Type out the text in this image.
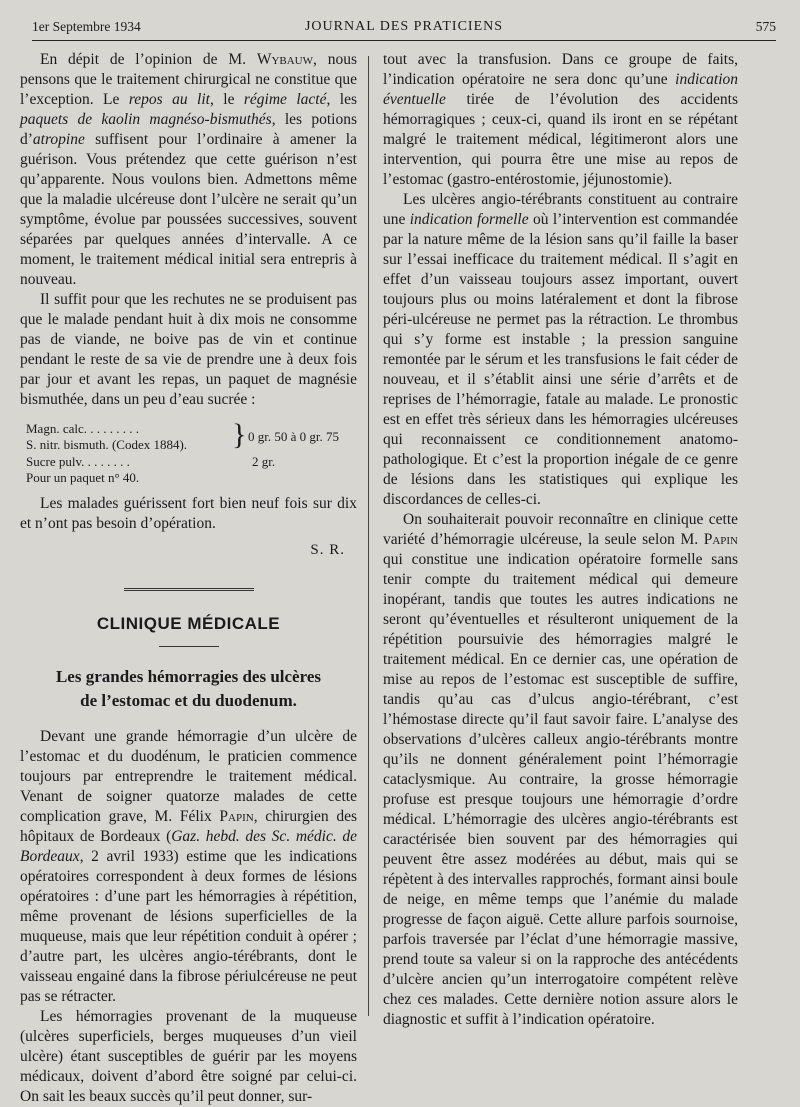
1er Septembre 1934	JOURNAL DES PRATICIENS	575

En dépit de l’opinion de M. Wybauw, nous pensons que le traitement chirurgical ne constitue que l’exception. Le repos au lit, le régime lacté, les paquets de kaolin magnéso-bismuthés, les potions d’atropine suffisent pour l’ordinaire à amener la guérison. Vous prétendez que cette guérison n’est qu’apparente. Nous voulons bien. Admettons même que la maladie ulcéreuse dont l’ulcère ne serait qu’un symptôme, évolue par poussées successives, souvent séparées par quelques années d’intervalle. A ce moment, le traitement médical initial sera entrepris à nouveau.

Il suffit pour que les rechutes ne se produisent pas que le malade pendant huit à dix mois ne consomme pas de viande, ne boive pas de vin et continue pendant le reste de sa vie de prendre une à deux fois par jour et avant les repas, un paquet de magnésie bismuthée, dans un peu d’eau sucrée :

Magn. calc. . . . . . . . .
S. nitr. bismuth. (Codex 1884). } 0 gr. 50 à 0 gr. 75
Sucre pulv. . . . . . . .	2 gr.
Pour un paquet n° 40.

Les malades guérissent fort bien neuf fois sur dix et n’ont pas besoin d’opération.

S. R.
CLINIQUE MÉDICALE
Les grandes hémorragies des ulcères
de l’estomac et du duodenum.

Devant une grande hémorragie d’un ulcère de l’estomac et du duodénum, le praticien commence toujours par entreprendre le traitement médical. Venant de soigner quatorze malades de cette complication grave, M. Félix Papin, chirurgien des hôpitaux de Bordeaux (Gaz. hebd. des Sc. médic. de Bordeaux, 2 avril 1933) estime que les indications opératoires correspondent à deux formes de lésions opératoires : d’une part les hémorragies à répétition, même provenant de lésions superficielles de la muqueuse, mais que leur répétition conduit à opérer ; d’autre part, les ulcères angio-térébrants, dont le vaisseau engainé dans la fibrose périulcéreuse ne peut pas se rétracter.

Les hémorragies provenant de la muqueuse (ulcères superficiels, berges muqueuses d’un vieil ulcère) étant susceptibles de guérir par les moyens médicaux, doivent d’abord être soigné par celui-ci. On sait les beaux succès qu’il peut donner, sur-

tout avec la transfusion. Dans ce groupe de faits, l’indication opératoire ne sera donc qu’une indication éventuelle tirée de l’évolution des accidents hémorragiques ; ceux-ci, quand ils iront en se répétant malgré le traitement médical, légitimeront alors une intervention, qui pourra être une mise au repos de l’estomac (gastro-entérostomie, jéjunostomie).

Les ulcères angio-térébrants constituent au contraire une indication formelle où l’intervention est commandée par la nature même de la lésion sans qu’il faille la baser sur l’essai inefficace du traitement médical. Il s’agit en effet d’un vaisseau toujours assez important, ouvert toujours plus ou moins latéralement et dont la fibrose péri-ulcéreuse ne permet pas la rétraction. Le thrombus qui s’y forme est instable ; la pression sanguine remontée par le sérum et les transfusions le fait céder de nouveau, et il s’établit ainsi une série d’arrêts et de reprises de l’hémorragie, fatale au malade. Le pronostic est en effet très sérieux dans les hémorragies ulcéreuses qui reconnaissent ce conditionnement anatomo-pathologique. Et c’est la proportion inégale de ce genre de lésions dans les statistiques qui explique les discordances de celles-ci.

On souhaiterait pouvoir reconnaître en clinique cette variété d’hémorragie ulcéreuse, la seule selon M. Papin qui constitue une indication opératoire formelle sans tenir compte du traitement médical qui demeure inopérant, tandis que toutes les autres indications ne seront qu’éventuelles et résulteront uniquement de la répétition poursuivie des hémorragies malgré le traitement médical. En ce dernier cas, une opération de mise au repos de l’estomac est susceptible de suffire, tandis qu’au cas d’ulcus angio-térébrant, c’est l’hémostase directe qu’il faut savoir faire. L’analyse des observations d’ulcères calleux angio-térébrants montre qu’ils ne donnent généralement point l’hémorragie cataclysmique. Au contraire, la grosse hémorragie profuse est presque toujours une hémorragie d’ordre médical. L’hémorragie des ulcères angio-térébrants est caractérisée bien souvent par des hémorragies qui peuvent être assez modérées au début, mais qui se répètent à des intervalles rapprochés, formant ainsi boule de neige, en même temps que l’anémie du malade progresse de façon aiguë. Cette allure parfois sournoise, parfois traversée par l’éclat d’une hémorragie massive, prend toute sa valeur si on la rapproche des antécédents d’ulcère ancien qu’un interrogatoire compétent relève chez ces malades. Cette dernière notion assure alors le diagnostic et suffit à l’indication opératoire.
